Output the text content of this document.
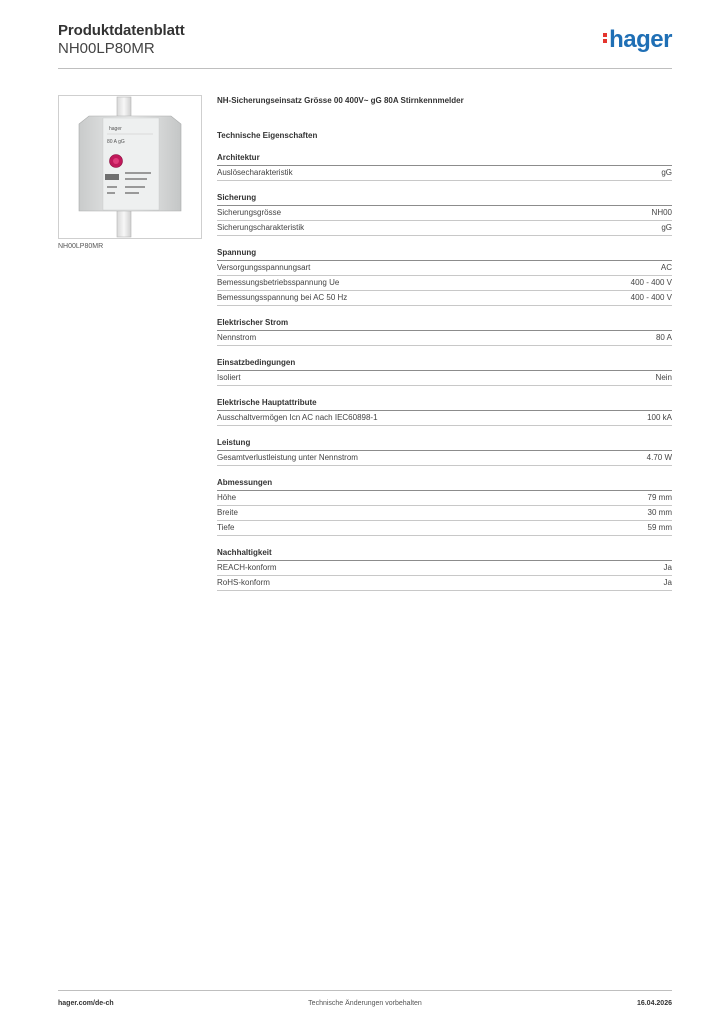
Produktdatenblatt
NH00LP80MR	hager
hager
80 A gG
NH00LP80MR
NH-Sicherungseinsatz Grösse 00 400V~ gG 80A Stirnkennmelder
Technische Eigenschaften
Architektur
Auslösecharakteristik	gG
Sicherung
Sicherungsgrösse	NH00
Sicherungscharakteristik	gG
Spannung
Versorgungsspannungsart	AC
Bemessungsbetriebsspannung Ue	400 - 400 V
Bemessungsspannung bei AC 50 Hz	400 - 400 V
Elektrischer Strom
Nennstrom	80 A
Einsatzbedingungen
Isoliert	Nein
Elektrische Hauptattribute
Ausschaltvermögen Icn AC nach IEC60898-1	100 kA
Leistung
Gesamtverlustleistung unter Nennstrom	4.70 W
Abmessungen
Höhe	79 mm
Breite	30 mm
Tiefe	59 mm
Nachhaltigkeit
REACH-konform	Ja
RoHS-konform	Ja
hager.com/de-ch	Technische Änderungen vorbehalten	16.04.2026
